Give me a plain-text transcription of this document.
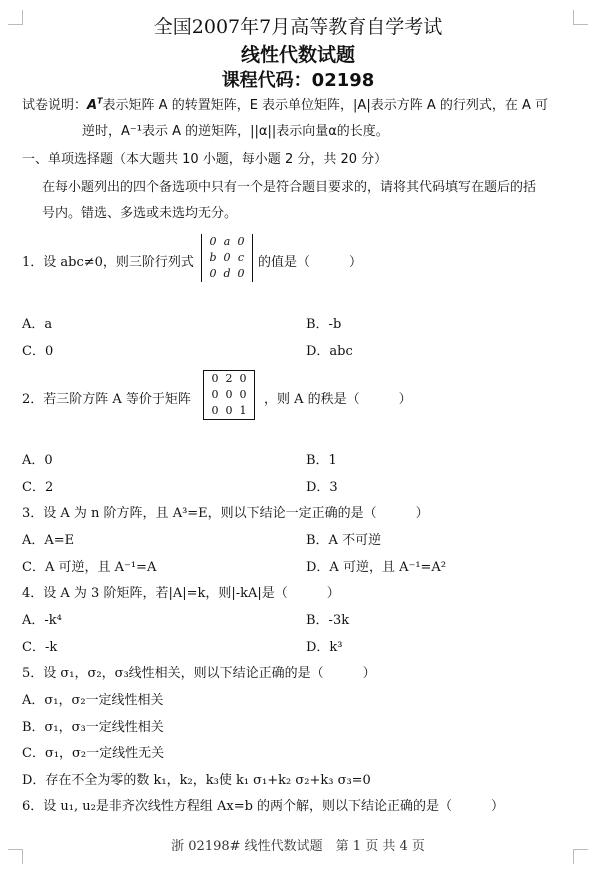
全国2007年7月高等教育自学考试
线性代数试题
课程代码：02198
试卷说明：$A^T$表示矩阵 A 的转置矩阵，E 表示单位矩阵，|A|表示方阵 A 的行列式，在 A 可
逆时，A⁻¹表示 A 的逆矩阵，||α||表示向量α的长度。
一、单项选择题（本大题共 10 小题，每小题 2 分，共 20 分）
在每小题列出的四个备选项中只有一个是符合题目要求的，请将其代码填写在题后的括
号内。错选、多选或未选均无分。
1．设 abc≠0，则三阶行列式
0 a 0
b 0 c
0 d 0
的值是（　　　）
A．a	B．-b
C．0	D．abc
2．若三阶方阵 A 等价于矩阵
0 2 0
0 0 0
0 0 1
，则 A 的秩是（　　　）
A．0	B．1
C．2	D．3
3．设 A 为 n 阶方阵，且 A³=E，则以下结论一定正确的是（　　　）
A．A=E	B．A 不可逆
C．A 可逆，且 A⁻¹=A	D．A 可逆，且 A⁻¹=A²
4．设 A 为 3 阶矩阵，若|A|=k，则|-kA|是（　　　）
A．-k⁴	B．-3k
C．-k	D．k³
5．设 σ₁，σ₂，σ₃线性相关，则以下结论正确的是（　　　）
A．σ₁，σ₂一定线性相关
B．σ₁，σ₃一定线性相关
C．σ₁，σ₂一定线性无关
D．存在不全为零的数 k₁，k₂，k₃使 k₁ σ₁+k₂ σ₂+k₃ σ₃=0
6．设 u₁, u₂是非齐次线性方程组 Ax=b 的两个解，则以下结论正确的是（　　　）
浙 02198# 线性代数试题　第 1 页 共 4 页
